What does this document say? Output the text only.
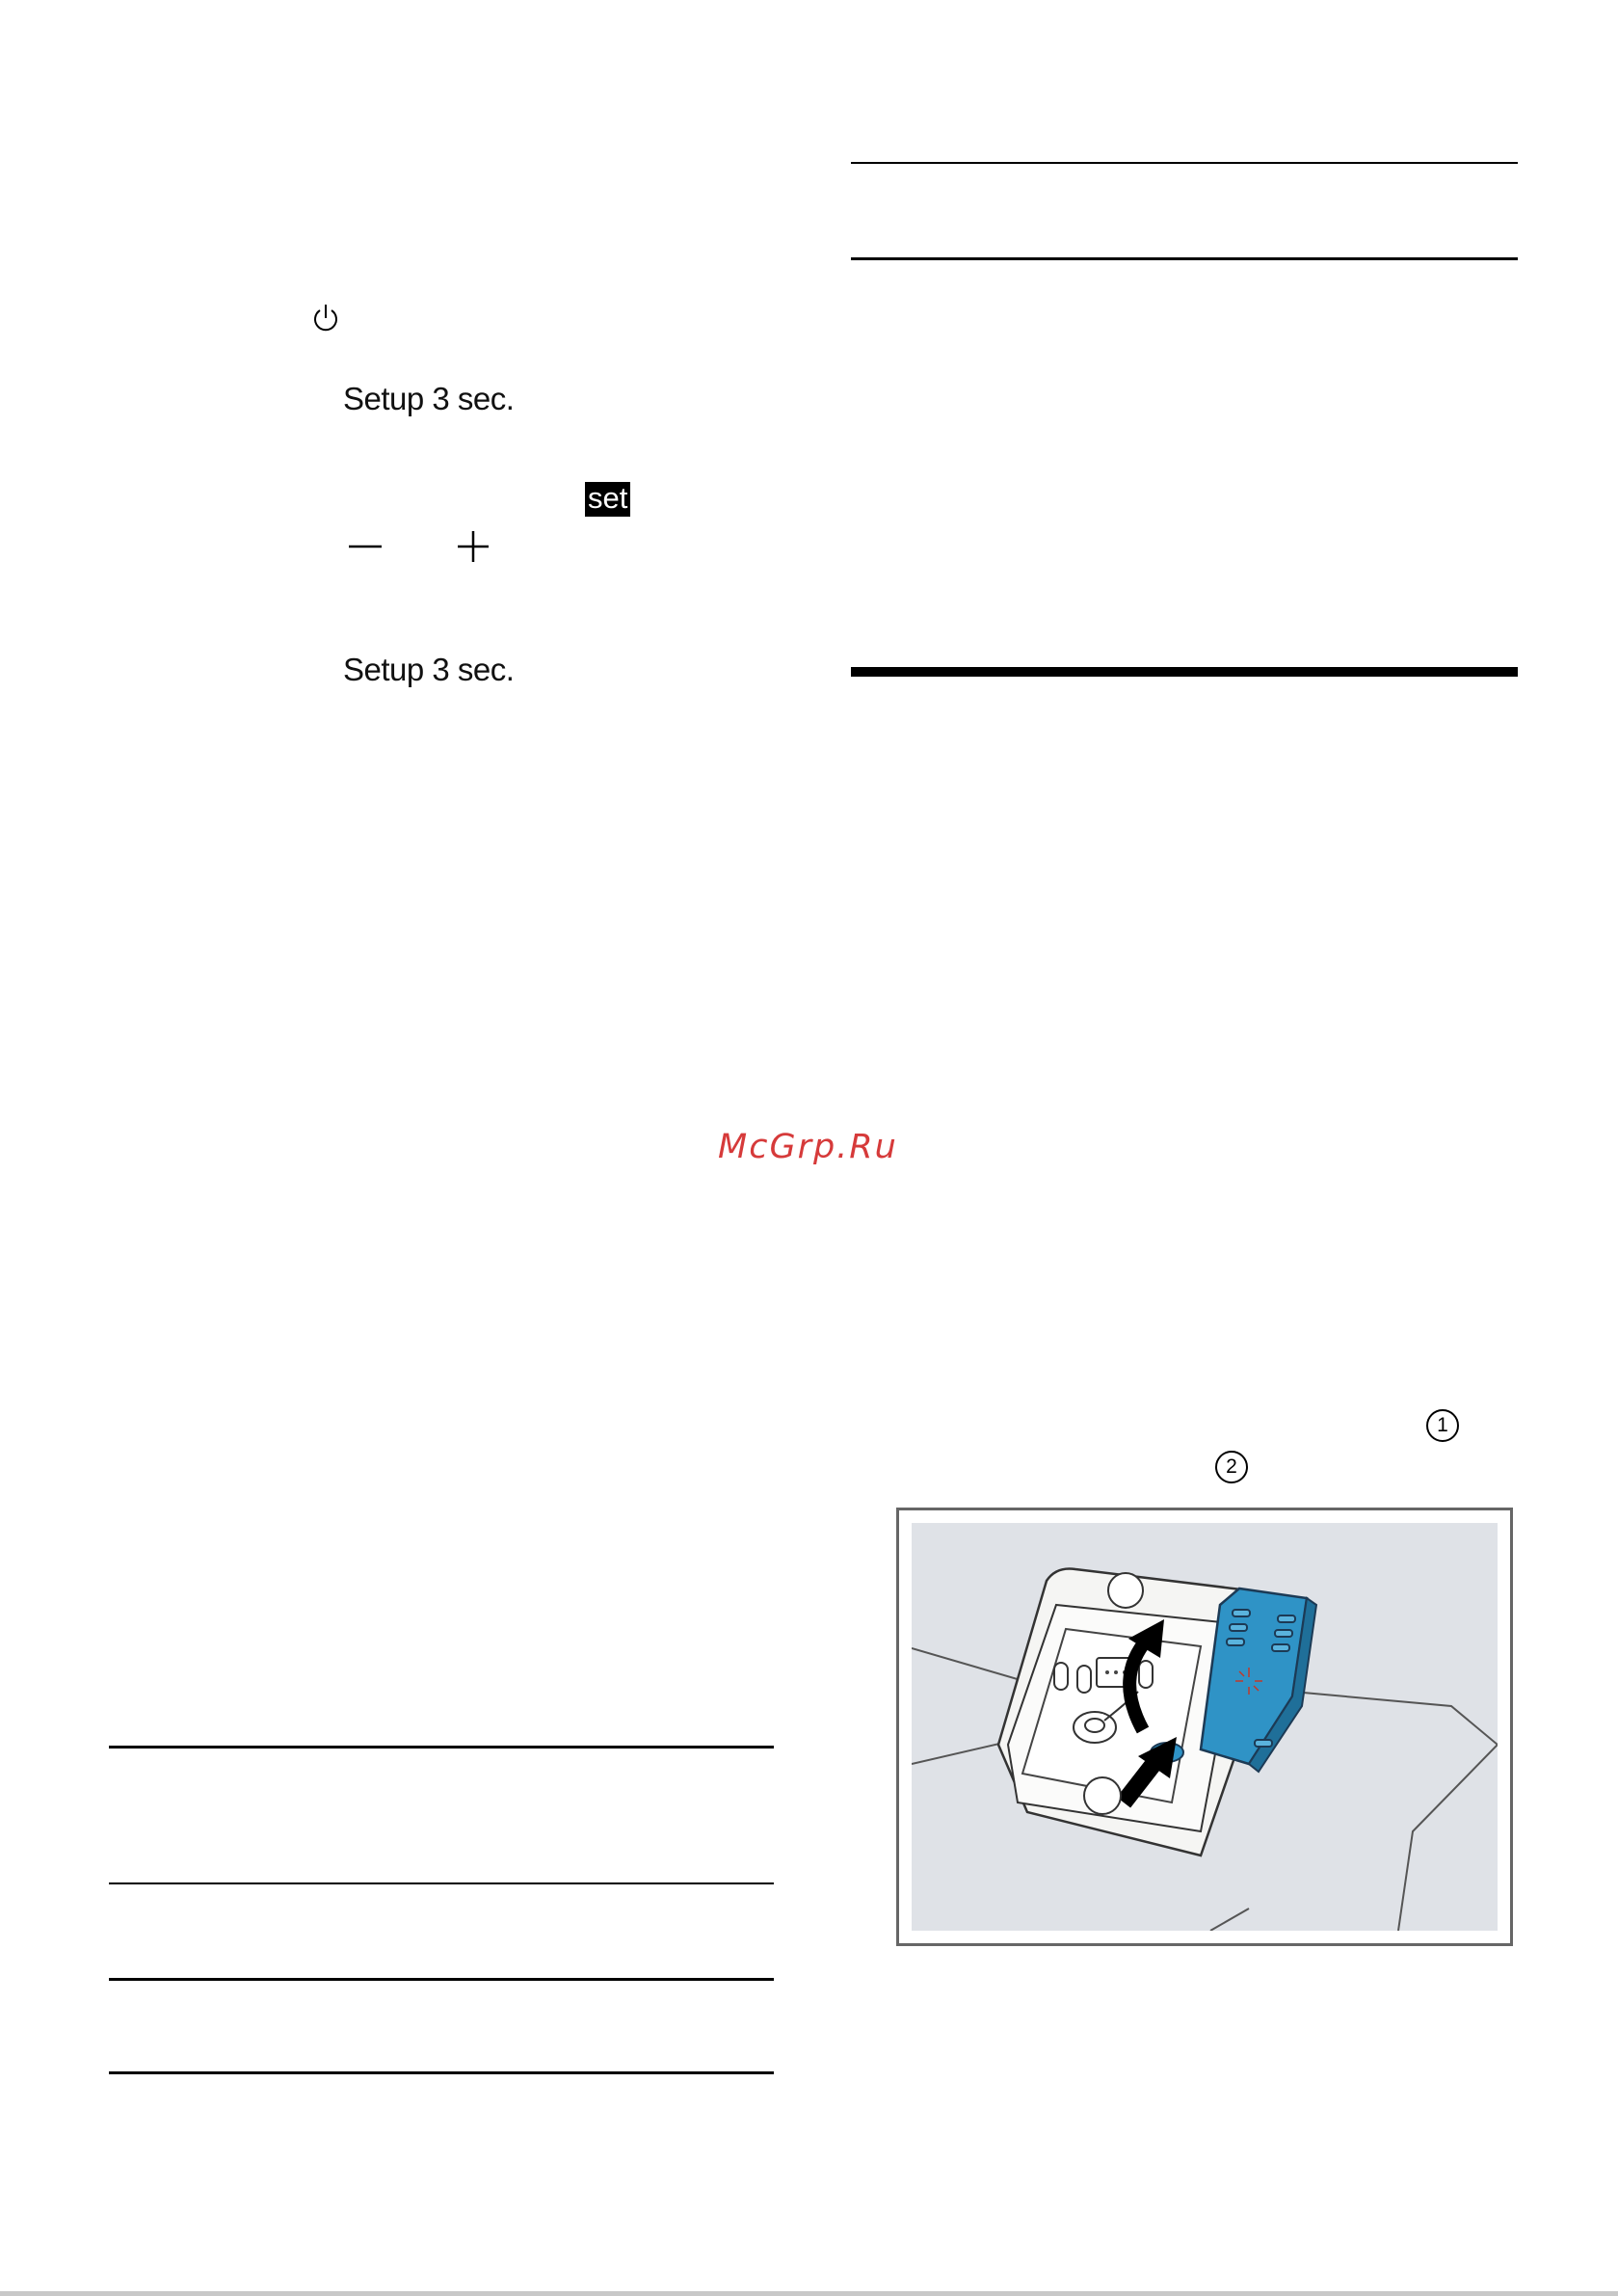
Setup 3 sec.
set
Setup 3 sec.
McGrp.Ru
1
2
